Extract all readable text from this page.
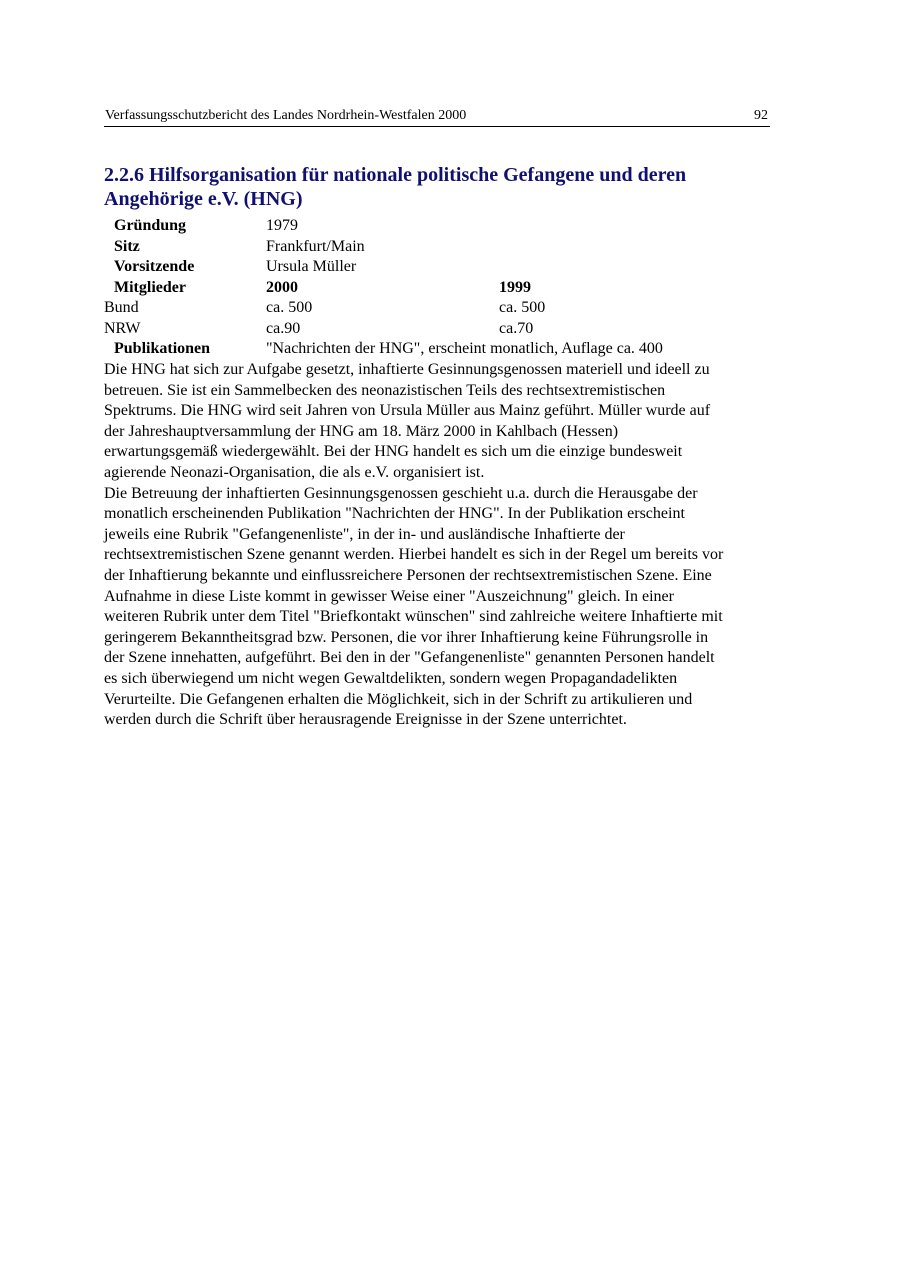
Verfassungsschutzbericht des Landes Nordrhein-Westfalen 2000	92
2.2.6 Hilfsorganisation für nationale politische Gefangene und deren
Angehörige e.V. (HNG)
Gründung	1979
Sitz	Frankfurt/Main
Vorsitzende	Ursula Müller
Mitglieder	2000	1999
Bund	ca. 500	ca. 500
NRW	ca.90	ca.70
Publikationen	"Nachrichten der HNG", erscheint monatlich, Auflage ca. 400
Die HNG hat sich zur Aufgabe gesetzt, inhaftierte Gesinnungsgenossen materiell und ideell zu
betreuen. Sie ist ein Sammelbecken des neonazistischen Teils des rechtsextremistischen
Spektrums. Die HNG wird seit Jahren von Ursula Müller aus Mainz geführt. Müller wurde auf
der Jahreshauptversammlung der HNG am 18. März 2000 in Kahlbach (Hessen)
erwartungsgemäß wiedergewählt. Bei der HNG handelt es sich um die einzige bundesweit
agierende Neonazi-Organisation, die als e.V. organisiert ist.
Die Betreuung der inhaftierten Gesinnungsgenossen geschieht u.a. durch die Herausgabe der
monatlich erscheinenden Publikation "Nachrichten der HNG". In der Publikation erscheint
jeweils eine Rubrik "Gefangenenliste", in der in- und ausländische Inhaftierte der
rechtsextremistischen Szene genannt werden. Hierbei handelt es sich in der Regel um bereits vor
der Inhaftierung bekannte und einflussreichere Personen der rechtsextremistischen Szene. Eine
Aufnahme in diese Liste kommt in gewisser Weise einer "Auszeichnung" gleich. In einer
weiteren Rubrik unter dem Titel "Briefkontakt wünschen" sind zahlreiche weitere Inhaftierte mit
geringerem Bekanntheitsgrad bzw. Personen, die vor ihrer Inhaftierung keine Führungsrolle in
der Szene innehatten, aufgeführt. Bei den in der "Gefangenenliste" genannten Personen handelt
es sich überwiegend um nicht wegen Gewaltdelikten, sondern wegen Propagandadelikten
Verurteilte. Die Gefangenen erhalten die Möglichkeit, sich in der Schrift zu artikulieren und
werden durch die Schrift über herausragende Ereignisse in der Szene unterrichtet.
